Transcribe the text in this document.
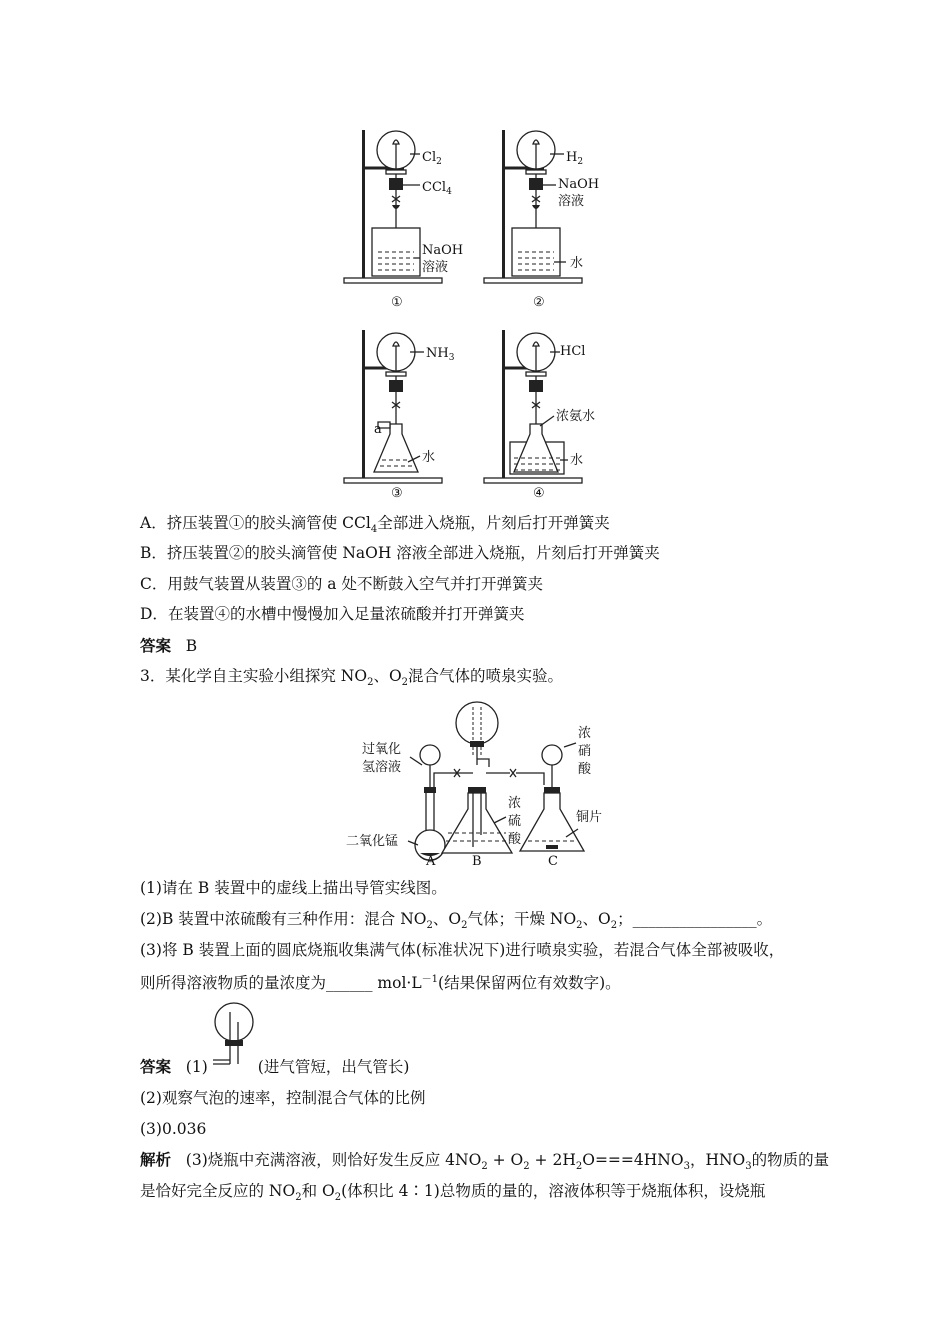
$Cl_2$
CCl$_4$
NaOH
溶液
①
$H_2$
NaOH
溶液
水
②
$NH_3$
a
水
③
HCl
浓氨水
水
④
A．挤压装置①的胶头滴管使 CCl$_4$全部进入烧瓶，片刻后打开弹簧夹
B．挤压装置②的胶头滴管使 NaOH 溶液全部进入烧瓶，片刻后打开弹簧夹
C．用鼓气装置从装置③的 a 处不断鼓入空气并打开弹簧夹
D．在装置④的水槽中慢慢加入足量浓硫酸并打开弹簧夹
答案 B
3．某化学自主实验小组探究 $NO_2$、$O_2$混合气体的喷泉实验。
过氧化
氢溶液
二氧化锰
浓
硝
酸
浓
硫
酸
铜片
A	B	C
(1)请在 B 装置中的虚线上描出导管实线图。
(2)B 装置中浓硫酸有三种作用：混合 $NO_2$、$O_2$气体；干燥 $NO_2$、$O_2$；________________。
(3)将 B 装置上面的圆底烧瓶收集满气体(标准状况下)进行喷泉实验，若混合气体全部被吸收，
则所得溶液物质的量浓度为______ $mol\cdot L^{-1}$(结果保留两位有效数字)。
答案 (1)	(进气管短，出气管长)
(2)观察气泡的速率，控制混合气体的比例
(3)0.036
解析 (3)烧瓶中充满溶液，则恰好发生反应 $4NO_2 + O_2 + 2H_2O===4HNO_3$，$HNO_3$的物质的量
是恰好完全反应的 $NO_2$和 $O_2$(体积比 4∶1)总物质的量的，溶液体积等于烧瓶体积，设烧瓶
